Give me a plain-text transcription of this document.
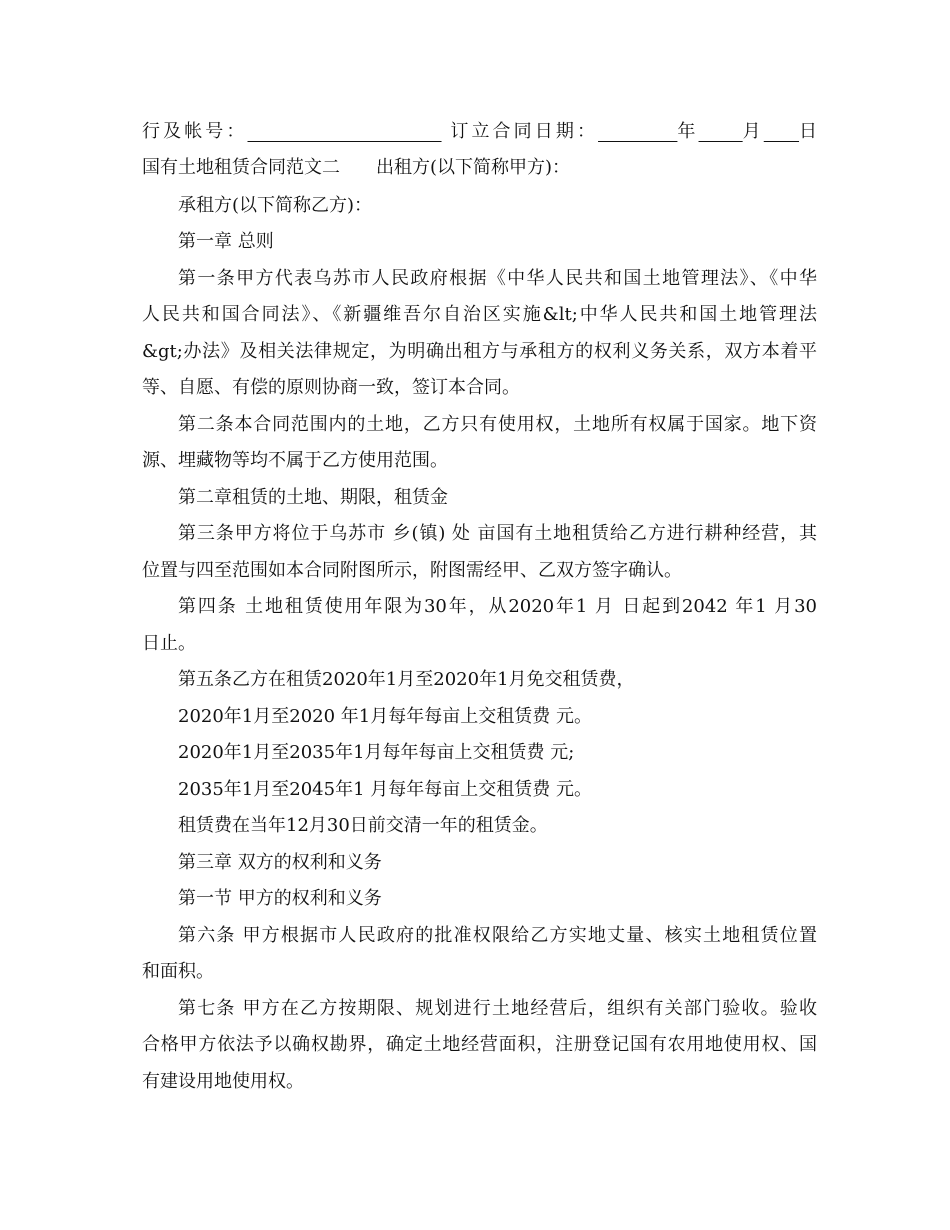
行及帐号：	订立合同日期：	年 月 日
国有土地租赁合同范文二　　出租方(以下简称甲方)：
承租方(以下简称乙方)：
第一章 总则
第一条甲方代表乌苏市人民政府根据《中华人民共和国土地管理法》、《中华
人民共和国合同法》、《新疆维吾尔自治区实施&lt;中华人民共和国土地管理法
&gt;办法》及相关法律规定，为明确出租方与承租方的权利义务关系，双方本着平
等、自愿、有偿的原则协商一致，签订本合同。
第二条本合同范围内的土地，乙方只有使用权，土地所有权属于国家。地下资
源、埋藏物等均不属于乙方使用范围。
第二章租赁的土地、期限，租赁金
第三条甲方将位于乌苏市 乡(镇) 处 亩国有土地租赁给乙方进行耕种经营，其
位置与四至范围如本合同附图所示，附图需经甲、乙双方签字确认。
第四条 土地租赁使用年限为30年，从2020年1 月 日起到2042 年1 月30
日止。
第五条乙方在租赁2020年1月至2020年1月免交租赁费，
2020年1月至2020 年1月每年每亩上交租赁费 元。
2020年1月至2035年1月每年每亩上交租赁费 元;
2035年1月至2045年1 月每年每亩上交租赁费 元。
租赁费在当年12月30日前交清一年的租赁金。
第三章 双方的权利和义务
第一节 甲方的权利和义务
第六条 甲方根据市人民政府的批准权限给乙方实地丈量、核实土地租赁位置
和面积。
第七条 甲方在乙方按期限、规划进行土地经营后，组织有关部门验收。验收
合格甲方依法予以确权勘界，确定土地经营面积，注册登记国有农用地使用权、国
有建设用地使用权。
